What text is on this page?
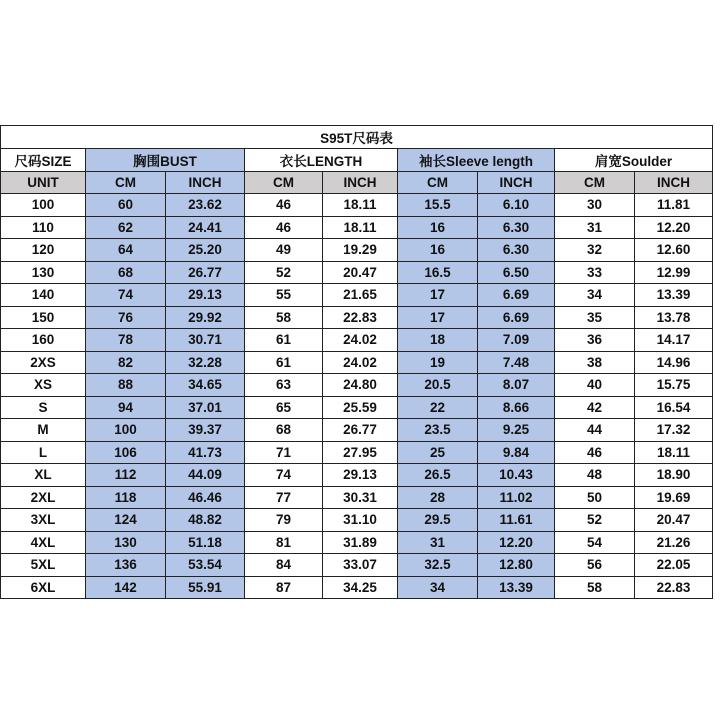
S95T尺码表								
尺码SIZE	胸围BUST		衣长LENGTH		袖长Sleeve length		肩宽Soulder	
UNIT	CM	INCH	CM	INCH	CM	INCH	CM	INCH
100	60	23.62	46	18.11	15.5	6.10	30	11.81
110	62	24.41	46	18.11	16	6.30	31	12.20
120	64	25.20	49	19.29	16	6.30	32	12.60
130	68	26.77	52	20.47	16.5	6.50	33	12.99
140	74	29.13	55	21.65	17	6.69	34	13.39
150	76	29.92	58	22.83	17	6.69	35	13.78
160	78	30.71	61	24.02	18	7.09	36	14.17
2XS	82	32.28	61	24.02	19	7.48	38	14.96
XS	88	34.65	63	24.80	20.5	8.07	40	15.75
S	94	37.01	65	25.59	22	8.66	42	16.54
M	100	39.37	68	26.77	23.5	9.25	44	17.32
L	106	41.73	71	27.95	25	9.84	46	18.11
XL	112	44.09	74	29.13	26.5	10.43	48	18.90
2XL	118	46.46	77	30.31	28	11.02	50	19.69
3XL	124	48.82	79	31.10	29.5	11.61	52	20.47
4XL	130	51.18	81	31.89	31	12.20	54	21.26
5XL	136	53.54	84	33.07	32.5	12.80	56	22.05
6XL	142	55.91	87	34.25	34	13.39	58	22.83
